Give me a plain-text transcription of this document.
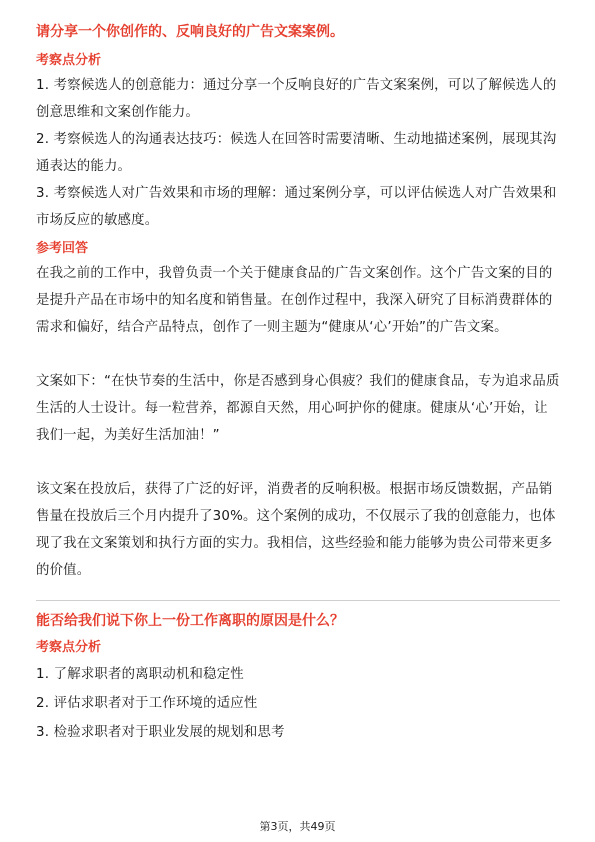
请分享一个你创作的、反响良好的广告文案案例。

考察点分析

1. 考察候选人的创意能力：通过分享一个反响良好的广告文案案例，可以了解候选人的创意思维和文案创作能力。

2. 考察候选人的沟通表达技巧：候选人在回答时需要清晰、生动地描述案例，展现其沟通表达的能力。

3. 考察候选人对广告效果和市场的理解：通过案例分享，可以评估候选人对广告效果和市场反应的敏感度。

参考回答

在我之前的工作中，我曾负责一个关于健康食品的广告文案创作。这个广告文案的目的是提升产品在市场中的知名度和销售量。在创作过程中，我深入研究了目标消费群体的需求和偏好，结合产品特点，创作了一则主题为“健康从‘心’开始”的广告文案。

文案如下：“在快节奏的生活中，你是否感到身心俱疲？我们的健康食品，专为追求品质生活的人士设计。每一粒营养，都源自天然，用心呵护你的健康。健康从‘心’开始，让我们一起，为美好生活加油！”

该文案在投放后，获得了广泛的好评，消费者的反响积极。根据市场反馈数据，产品销售量在投放后三个月内提升了30%。这个案例的成功，不仅展示了我的创意能力，也体现了我在文案策划和执行方面的实力。我相信，这些经验和能力能够为贵公司带来更多的价值。

能否给我们说下你上一份工作离职的原因是什么？

考察点分析

1. 了解求职者的离职动机和稳定性

2. 评估求职者对于工作环境的适应性

3. 检验求职者对于职业发展的规划和思考

第3页，共49页
